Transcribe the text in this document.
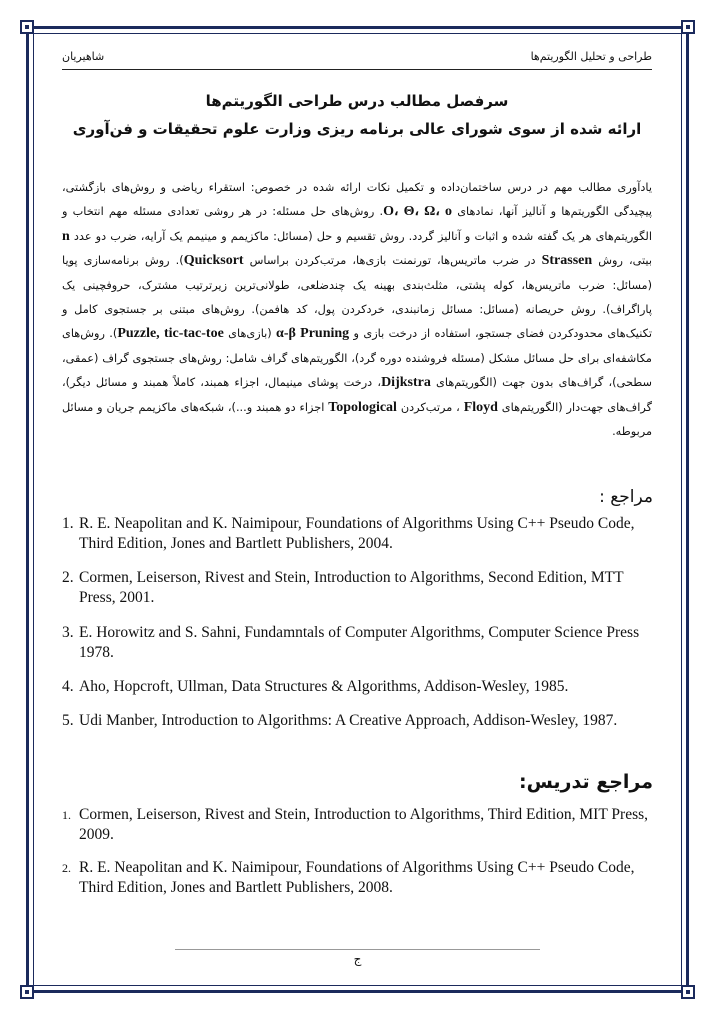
طراحی و تحلیل الگوریتم‌ها
شاهیریان
سرفصل مطالب درس طراحی الگوریتم‌ها
ارائه شده از سوی شورای عالی برنامه ریزی وزارت علوم تحقیقات و فن‌آوری
یادآوری مطالب مهم در درس ساختمان‌داده و تکمیل نکات ارائه شده در خصوص: استقراء ریاضی و روش‌های بازگشتی، پیچیدگی الگوریتم‌ها و آنالیز آنها، نمادهای O، Θ، Ω، o. روش‌های حل مسئله: در هر روشی تعدادی مسئله مهم انتخاب و الگوریتم‌های هر یک گفته شده و اثبات و آنالیز گردد. روش تقسیم و حل (مسائل: ماکزیمم و مینیمم یک آرایه، ضرب دو عدد n بیتی، روش Strassen در ضرب ماتریس‌ها، تورنمنت بازی‌ها، مرتب‌کردن براساس Quicksort). روش برنامه‌سازی پویا (مسائل: ضرب ماتریس‌ها، کوله پشتی، مثلث‌بندی بهینه یک چندضلعی، طولانی‌ترین زیرترتیب مشترک، حروفچینی یک پاراگراف). روش حریصانه (مسائل: مسائل زمانبندی، خردکردن پول، کد هافمن). روش‌های مبتنی بر جستجوی کامل و تکنیک‌های محدودکردن فضای جستجو، استفاده از درخت بازی و α-β Pruning (بازی‌های Puzzle, tic-tac-toe). روش‌های مکاشفه‌ای برای حل مسائل مشکل (مسئله فروشنده دوره گرد)، الگوریتم‌های گراف شامل: روش‌های جستجوی گراف (عمقی، سطحی)، گراف‌های بدون جهت (الگوریتم‌های Dijkstra، درخت پوشای مینیمال، اجزاء همبند، کاملاً همبند و مسائل دیگر)، گراف‌های جهت‌دار (الگوریتم‌های Floyd ، مرتب‌کردن Topological اجزاء دو همبند و...)، شبکه‌های ماکزیمم جریان و مسائل مربوطه.
مراجع :
1. R. E. Neapolitan and K. Naimipour, Foundations of Algorithms Using C++ Pseudo Code, Third Edition, Jones and Bartlett Publishers, 2004.
2. Cormen, Leiserson, Rivest and Stein, Introduction to Algorithms, Second Edition, MTT Press, 2001.
3. E. Horowitz and S. Sahni, Fundamntals of Computer Algorithms, Computer Science Press 1978.
4. Aho, Hopcroft, Ullman, Data Structures & Algorithms, Addison-Wesley, 1985.
5. Udi Manber, Introduction to Algorithms: A Creative Approach, Addison-Wesley, 1987.
مراجع تدریس:
1. Cormen, Leiserson, Rivest and Stein, Introduction to Algorithms, Third Edition, MIT Press, 2009.
2. R. E. Neapolitan and K. Naimipour, Foundations of Algorithms Using C++ Pseudo Code, Third Edition, Jones and Bartlett Publishers, 2008.
ج
